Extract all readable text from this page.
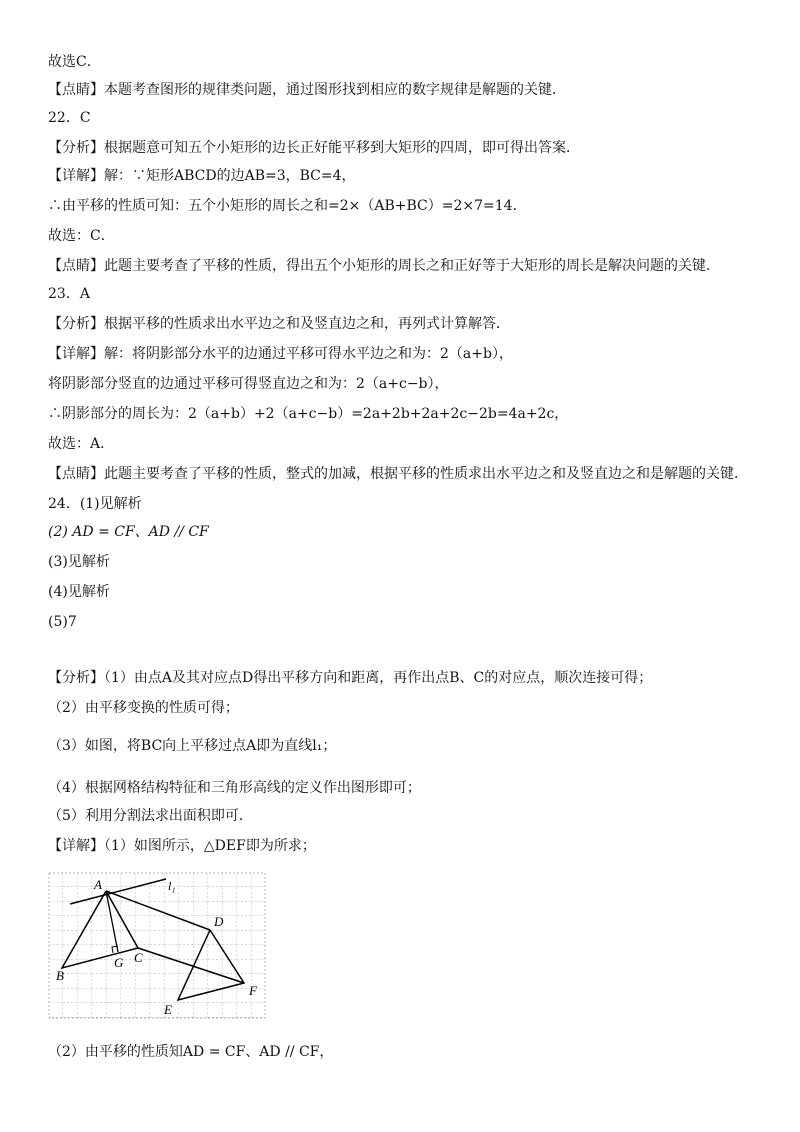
故选C．
【点睛】本题考查图形的规律类问题，通过图形找到相应的数字规律是解题的关键．
22．C
【分析】根据题意可知五个小矩形的边长正好能平移到大矩形的四周，即可得出答案．
【详解】解：∵矩形ABCD的边AB=3，BC=4，
∴由平移的性质可知：五个小矩形的周长之和=2×（AB+BC）=2×7=14．
故选：C．
【点睛】此题主要考查了平移的性质，得出五个小矩形的周长之和正好等于大矩形的周长是解决问题的关键．
23．A
【分析】根据平移的性质求出水平边之和及竖直边之和，再列式计算解答．
【详解】解：将阴影部分水平的边通过平移可得水平边之和为：2（a+b），
将阴影部分竖直的边通过平移可得竖直边之和为：2（a+c−b），
∴阴影部分的周长为：2（a+b）+2（a+c−b）=2a+2b+2a+2c−2b=4a+2c，
故选：A．
【点睛】此题主要考查了平移的性质，整式的加减，根据平移的性质求出水平边之和及竖直边之和是解题的关键．
24．(1)见解析
(2) AD = CF、AD // CF
(3)见解析
(4)见解析
(5)7
【分析】（1）由点A及其对应点D得出平移方向和距离，再作出点B、C的对应点，顺次连接可得；
（2）由平移变换的性质可得；
（3）如图，将BC向上平移过点A即为直线l₁；
（4）根据网格结构特征和三角形高线的定义作出图形即可；
（5）利用分割法求出面积即可．
【详解】（1）如图所示，△DEF即为所求；
（2）由平移的性质知AD = CF、AD // CF，
A
B
G C
D
E
F
l₁
